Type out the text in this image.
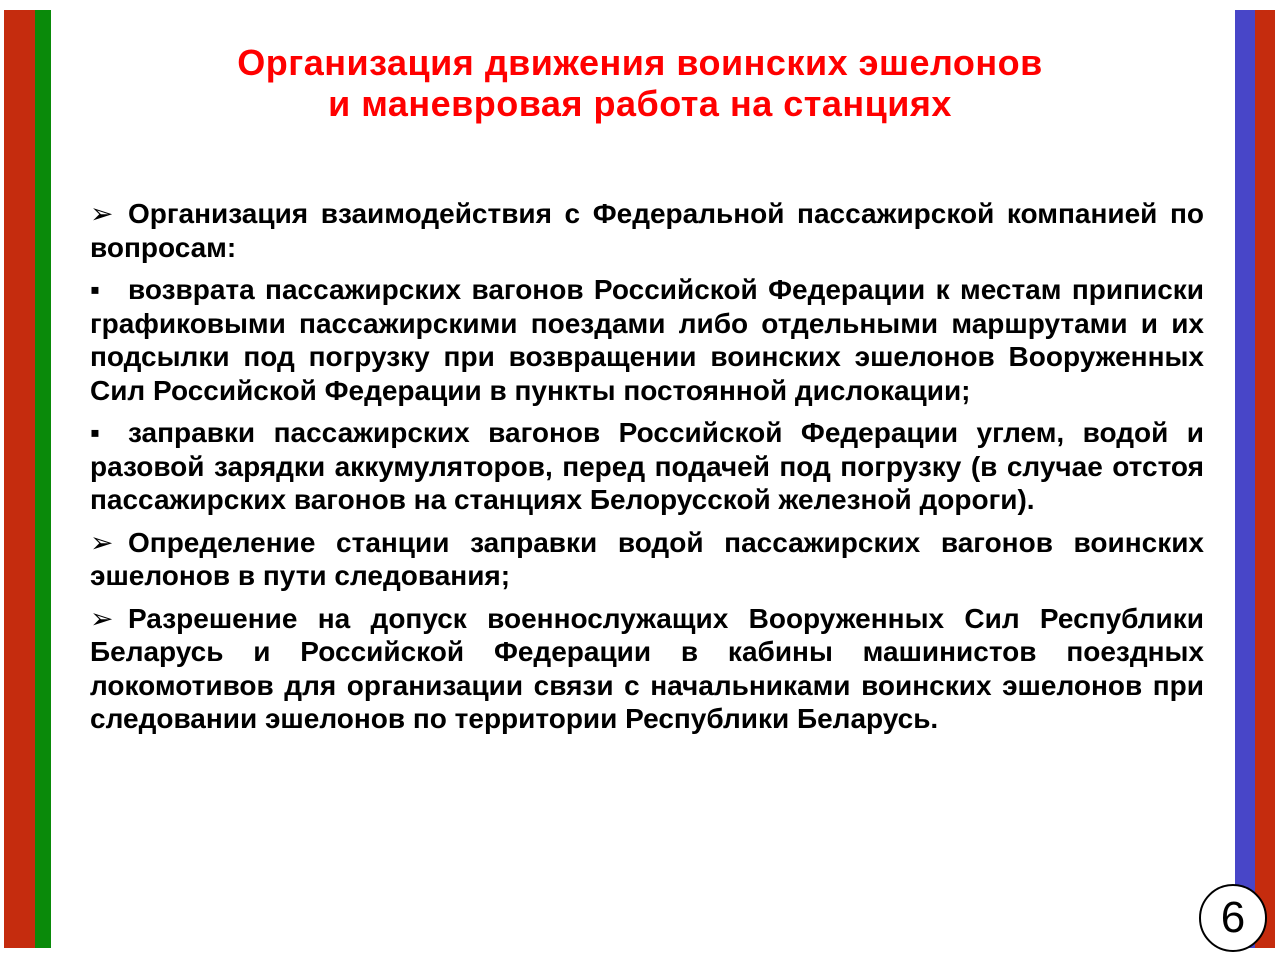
Организация движения воинских эшелонов
и маневровая работа на станциях

➢ Организация взаимодействия с Федеральной пассажирской компанией по вопросам:

▪ возврата пассажирских вагонов Российской Федерации к местам приписки графиковыми пассажирскими поездами либо отдельными маршрутами и их подсылки под погрузку при возвращении воинских эшелонов Вооруженных Сил Российской Федерации в пункты постоянной дислокации;

▪ заправки пассажирских вагонов Российской Федерации углем, водой и разовой зарядки аккумуляторов, перед подачей под погрузку (в случае отстоя пассажирских вагонов на станциях Белорусской железной дороги).

➢ Определение станции заправки водой пассажирских вагонов воинских эшелонов в пути следования;

➢ Разрешение на допуск военнослужащих Вооруженных Сил Республики Беларусь и Российской Федерации в кабины машинистов поездных локомотивов для организации связи с начальниками воинских эшелонов при следовании эшелонов по территории Республики Беларусь.

6
